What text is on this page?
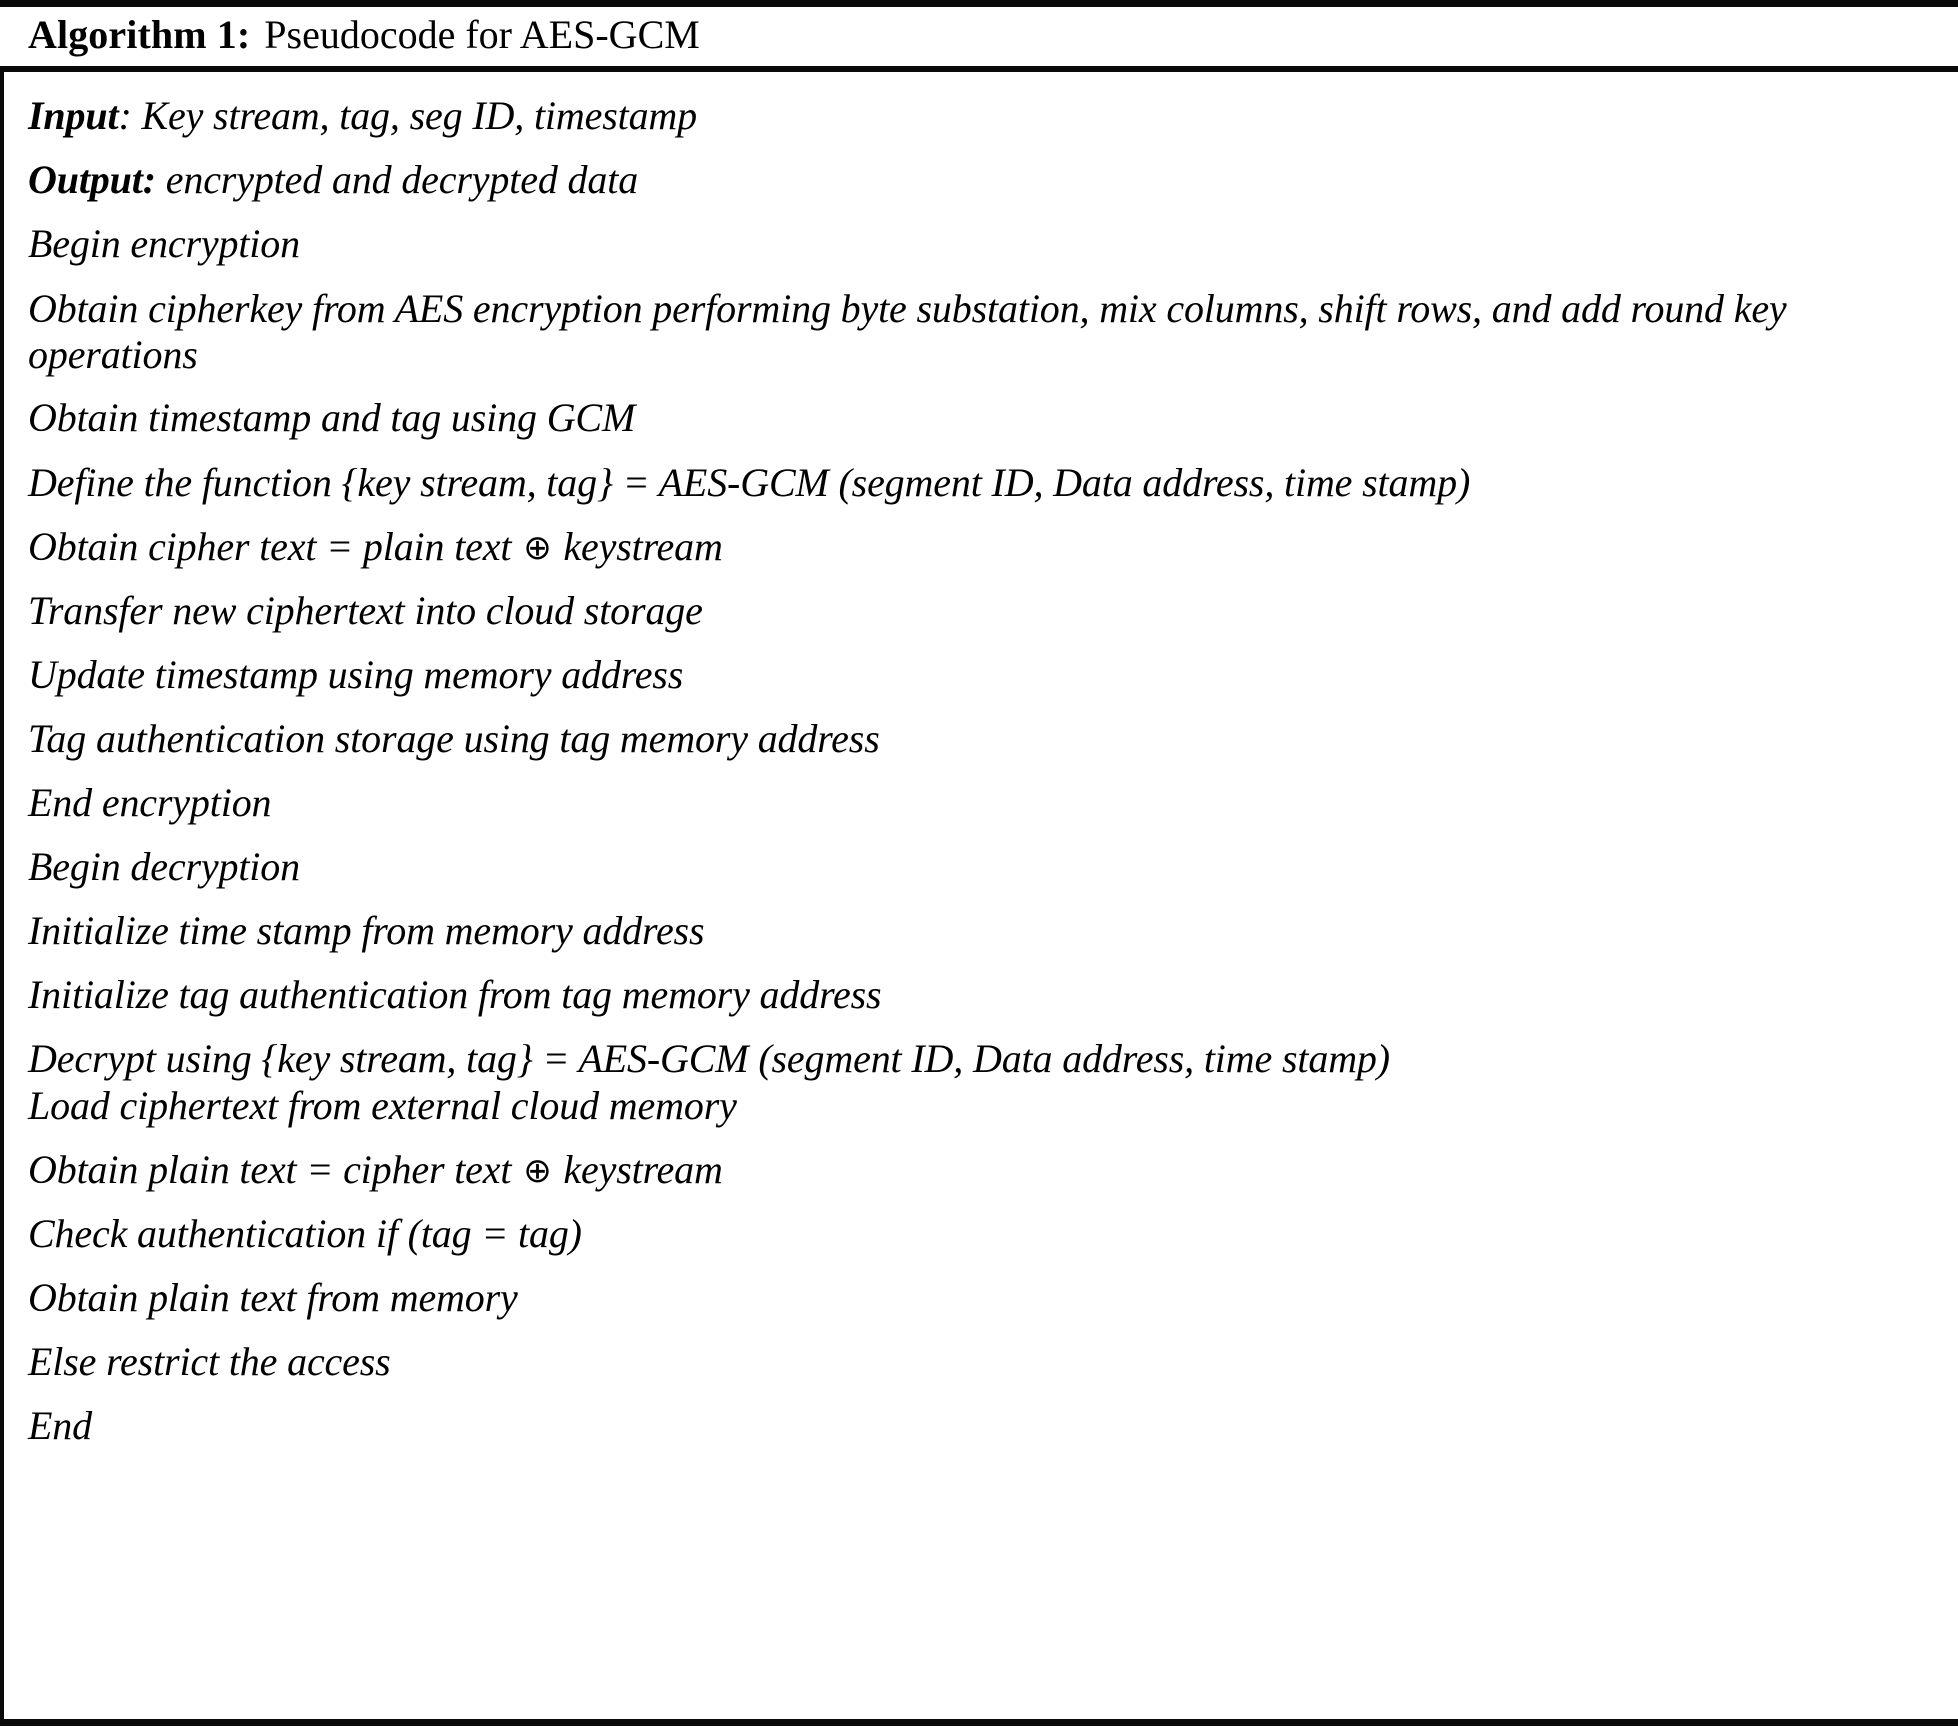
Algorithm 1: Pseudocode for AES-GCM

Input: Key stream, tag, seg ID, timestamp

Output: encrypted and decrypted data

Begin encryption

Obtain cipherkey from AES encryption performing byte substation, mix columns, shift rows, and add round key operations

Obtain timestamp and tag using GCM

Define the function {key stream, tag} = AES-GCM (segment ID, Data address, time stamp)

Obtain cipher text = plain text ⊕ keystream

Transfer new ciphertext into cloud storage

Update timestamp using memory address

Tag authentication storage using tag memory address

End encryption

Begin decryption

Initialize time stamp from memory address

Initialize tag authentication from tag memory address

Decrypt using {key stream, tag} = AES-GCM (segment ID, Data address, time stamp)

Load ciphertext from external cloud memory

Obtain plain text = cipher text ⊕ keystream

Check authentication if (tag = tag)

Obtain plain text from memory

Else restrict the access

End
